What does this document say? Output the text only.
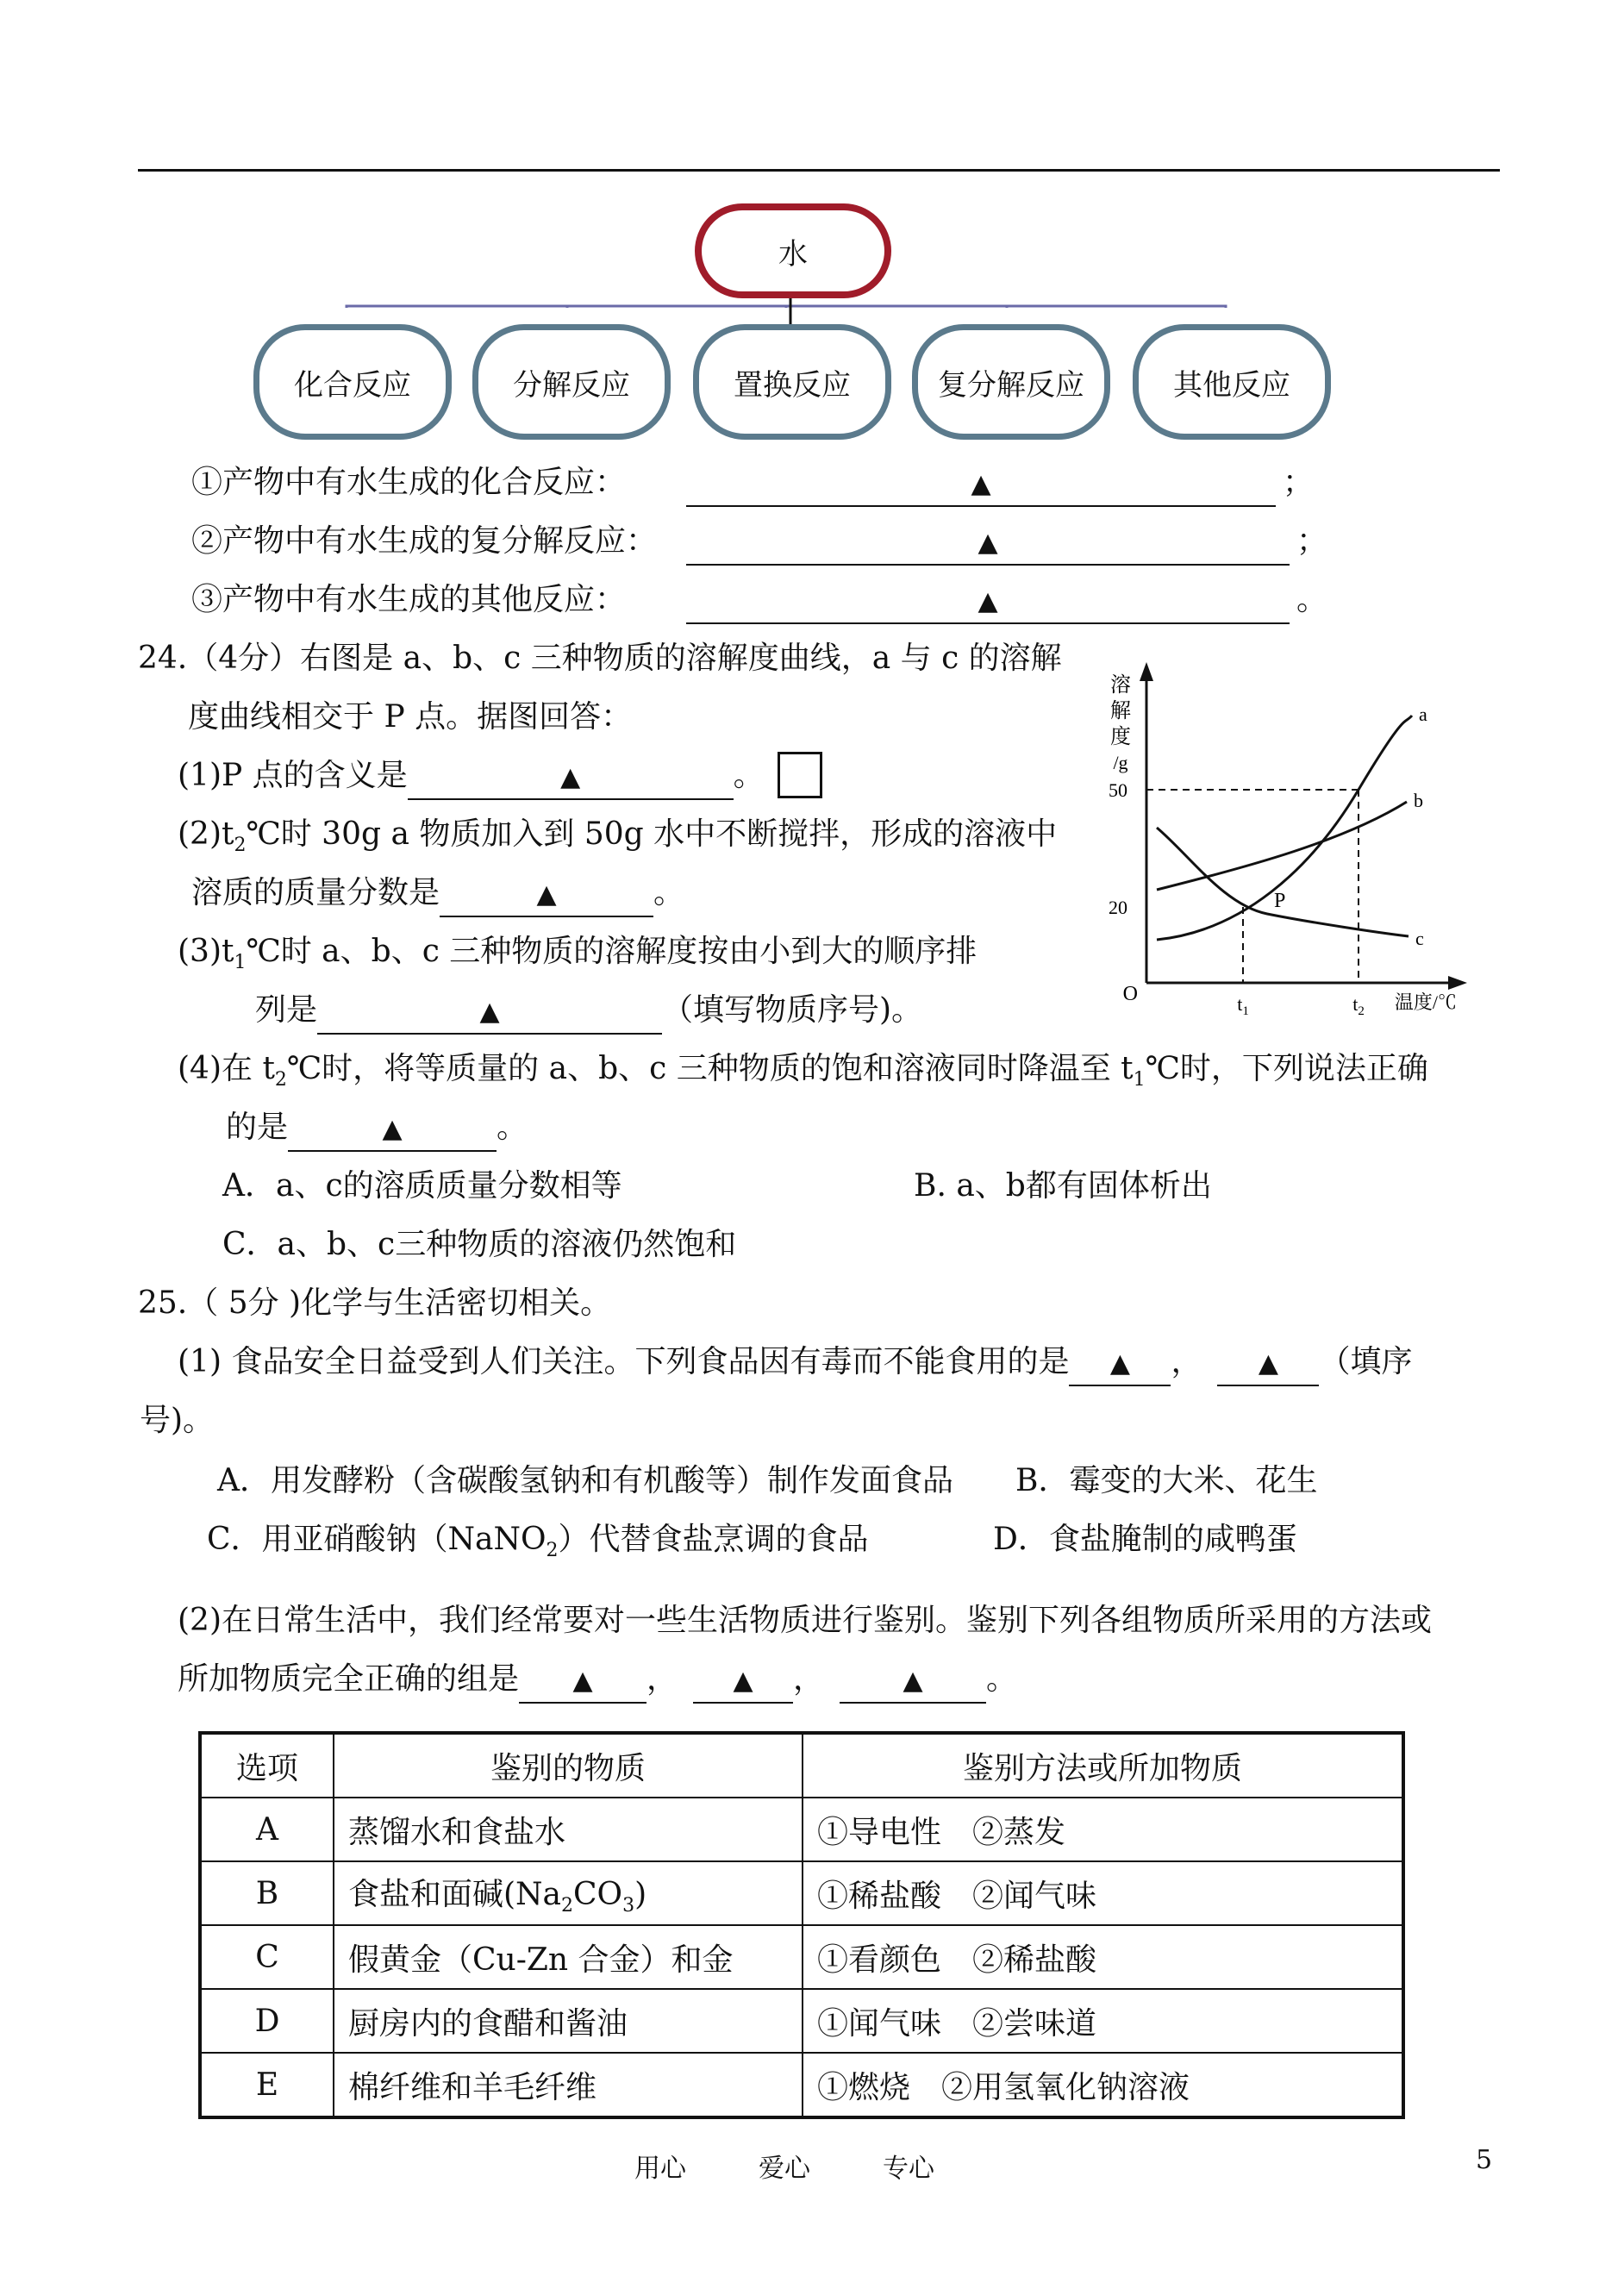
水
化合反应	分解反应	置换反应	复分解反应	其他反应
①产物中有水生成的化合反应：	▲	；
②产物中有水生成的复分解反应：	▲	；
③产物中有水生成的其他反应：	▲	。
24.（4分）右图是 a、b、c 三种物质的溶解度曲线，a 与 c 的溶解
度曲线相交于 P 点。据图回答：
(1)P 点的含义是	▲	。
$(2)t_2℃$时 30g a 物质加入到 50g 水中不断搅拌，形成的溶液中
溶质的质量分数是	▲	。
$(3)t_1℃$时 a、b、c 三种物质的溶解度按由小到大的顺序排
列是	▲	（填写物质序号)。
(4)在 $t_2℃$时，将等质量的 a、b、c 三种物质的饱和溶液同时降温至 $t_1℃$时，下列说法正确
的是	▲	。
A．a、c的溶质质量分数相等	B. a、b都有固体析出
C．a、b、c三种物质的溶液仍然饱和
溶
解
度
/g
O
50
20
$t_1$	$t_2$ 温度/℃
a
b
c
P
25.（ 5分 )化学与生活密切相关。
(1) 食品安全日益受到人们关注。下列食品因有毒而不能食用的是 ▲ ， ▲ （填序
号)。
A．用发酵粉（含碳酸氢钠和有机酸等）制作发面食品 B．霉变的大米、花生
C．用亚硝酸钠（NaNO$_2$）代替食盐烹调的食品	D．食盐腌制的咸鸭蛋
(2)在日常生活中，我们经常要对一些生活物质进行鉴别。鉴别下列各组物质所采用的方法或
所加物质完全正确的组是 ▲ ， ▲ ，	▲ 。
选项	鉴别的物质	鉴别方法或所加物质
A	蒸馏水和食盐水	①导电性　②蒸发
B	食盐和面碱$(Na_2CO_3)$	①稀盐酸　②闻气味
C	假黄金（Cu-Zn 合金）和金	①看颜色　②稀盐酸
D	厨房内的食醋和酱油	①闻气味　②尝味道
E	棉纤维和羊毛纤维	①燃烧　②用氢氧化钠溶液
用心	爱心	专心	5
